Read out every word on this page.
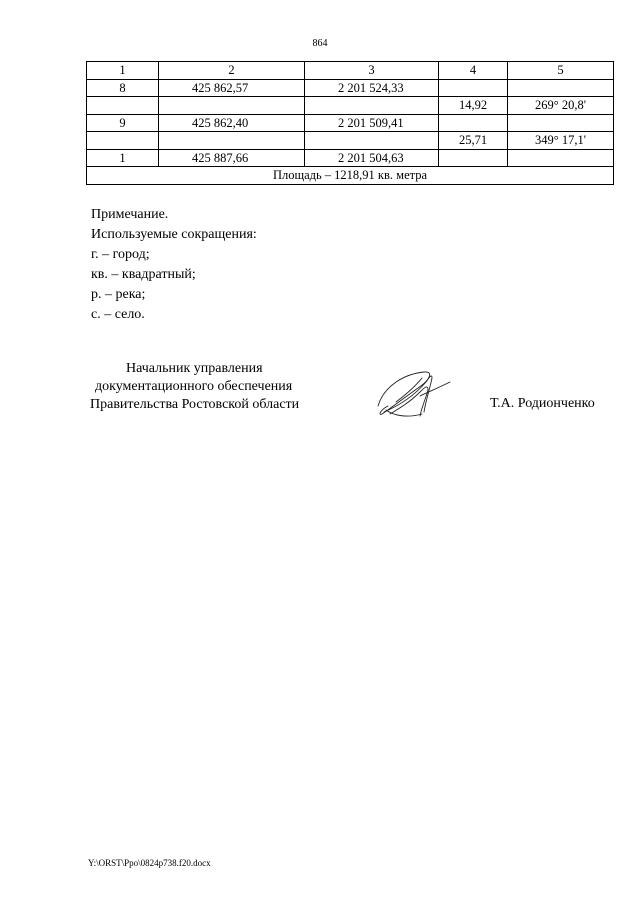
864
1	2	3	4	5
8	425 862,57	2 201 524,33		
			14,92	269° 20,8'
9	425 862,40	2 201 509,41		
			25,71	349° 17,1'
1	425 887,66	2 201 504,63		
Площадь – 1218,91 кв. метра				
Примечание.
Используемые сокращения:
г. – город;
кв. – квадратный;
р. – река;
с. – село.
Начальник управления
документационного обеспечения
Правительства Ростовской области	Т.А. Родионченко
Y:\ORST\Ppo\0824p738.f20.docx
